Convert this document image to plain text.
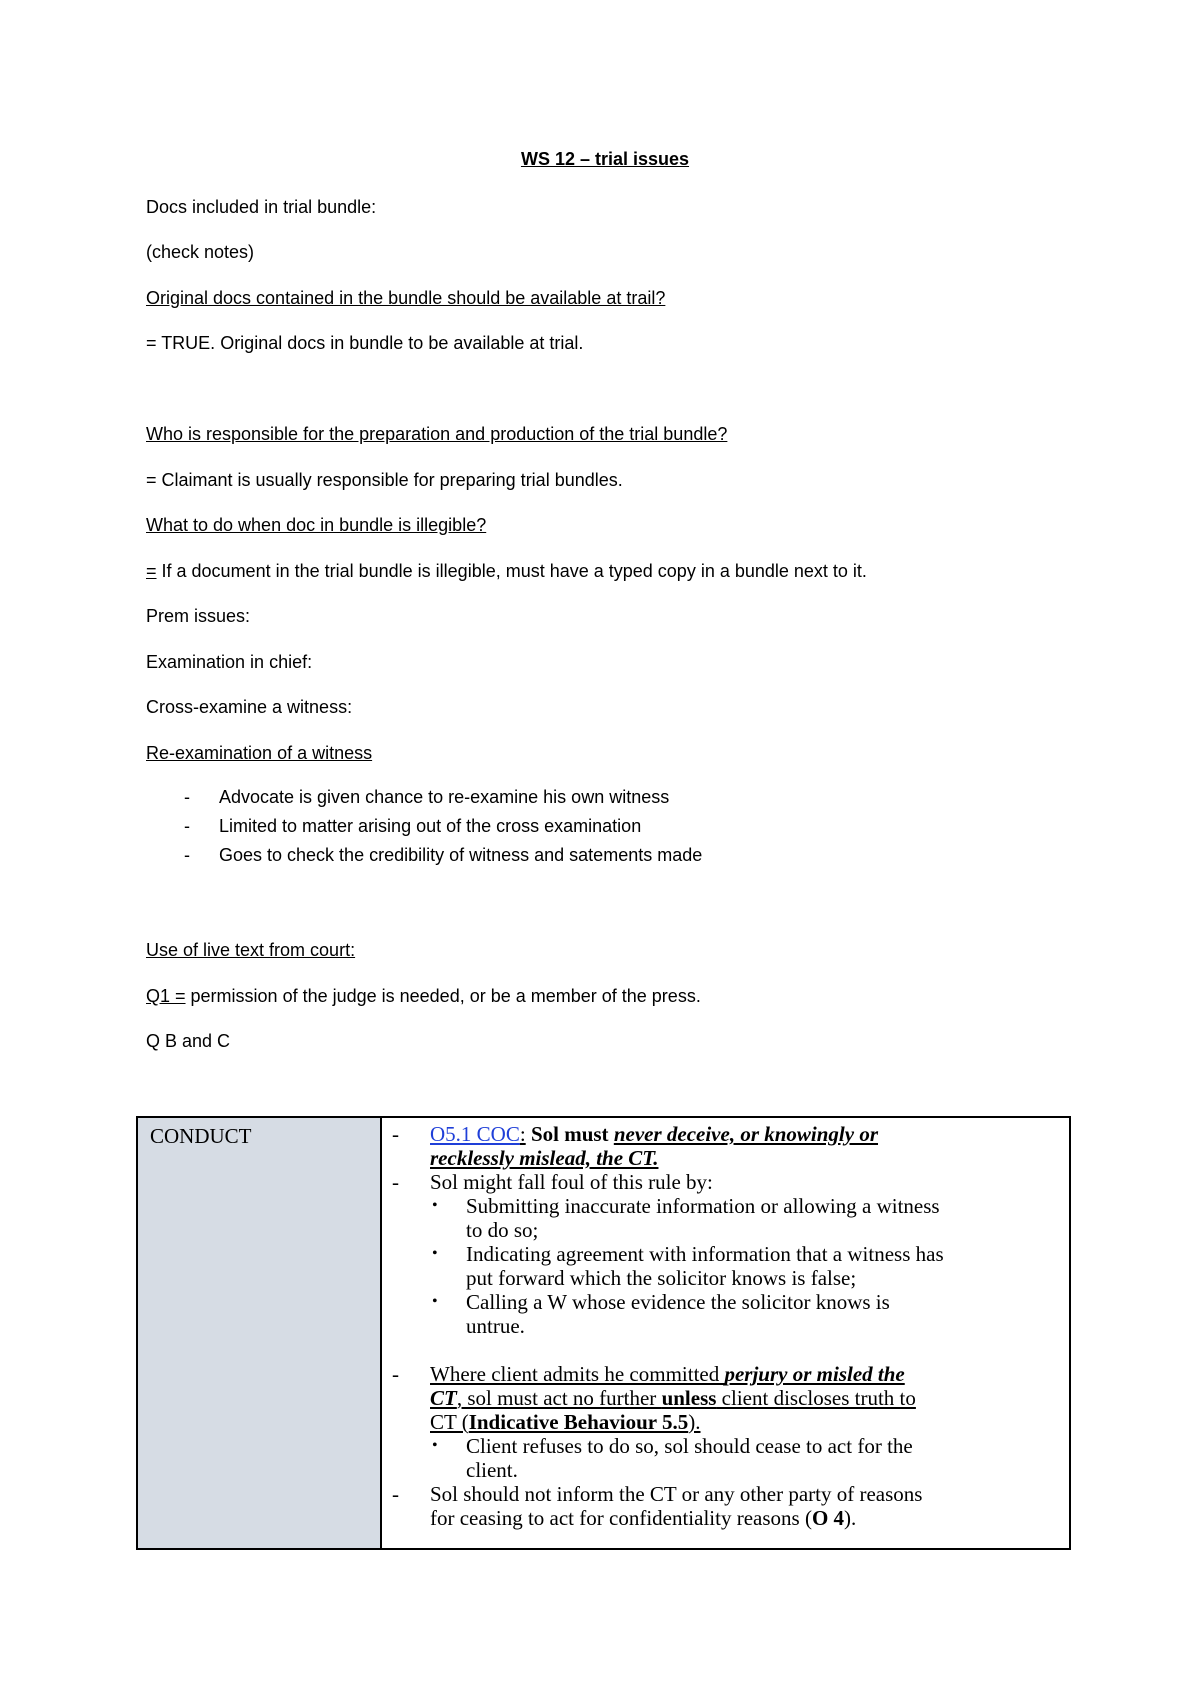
WS 12 – trial issues
Docs included in trial bundle:
(check notes)
Original docs contained in the bundle should be available at trail?
= TRUE. Original docs in bundle to be available at trial.
Who is responsible for the preparation and production of the trial bundle?
= Claimant is usually responsible for preparing trial bundles.
What to do when doc in bundle is illegible?
= If a document in the trial bundle is illegible, must have a typed copy in a bundle next to it.
Prem issues:
Examination in chief:
Cross-examine a witness:
Re-examination of a witness
- Advocate is given chance to re-examine his own witness
- Limited to matter arising out of the cross examination
- Goes to check the credibility of witness and satements made
Use of live text from court:
Q1 = permission of the judge is needed, or be a member of the press.
Q B and C
CONDUCT	- O5.1 COC: Sol must never deceive, or knowingly or
recklessly mislead, the CT.
- Sol might fall foul of this rule by:
• Submitting inaccurate information or allowing a witness
to do so;
• Indicating agreement with information that a witness has
put forward which the solicitor knows is false;
• Calling a W whose evidence the solicitor knows is
untrue.
- Where client admits he committed perjury or misled the
CT, sol must act no further unless client discloses truth to
CT (Indicative Behaviour 5.5).
• Client refuses to do so, sol should cease to act for the
client.
- Sol should not inform the CT or any other party of reasons
for ceasing to act for confidentiality reasons (O 4).
